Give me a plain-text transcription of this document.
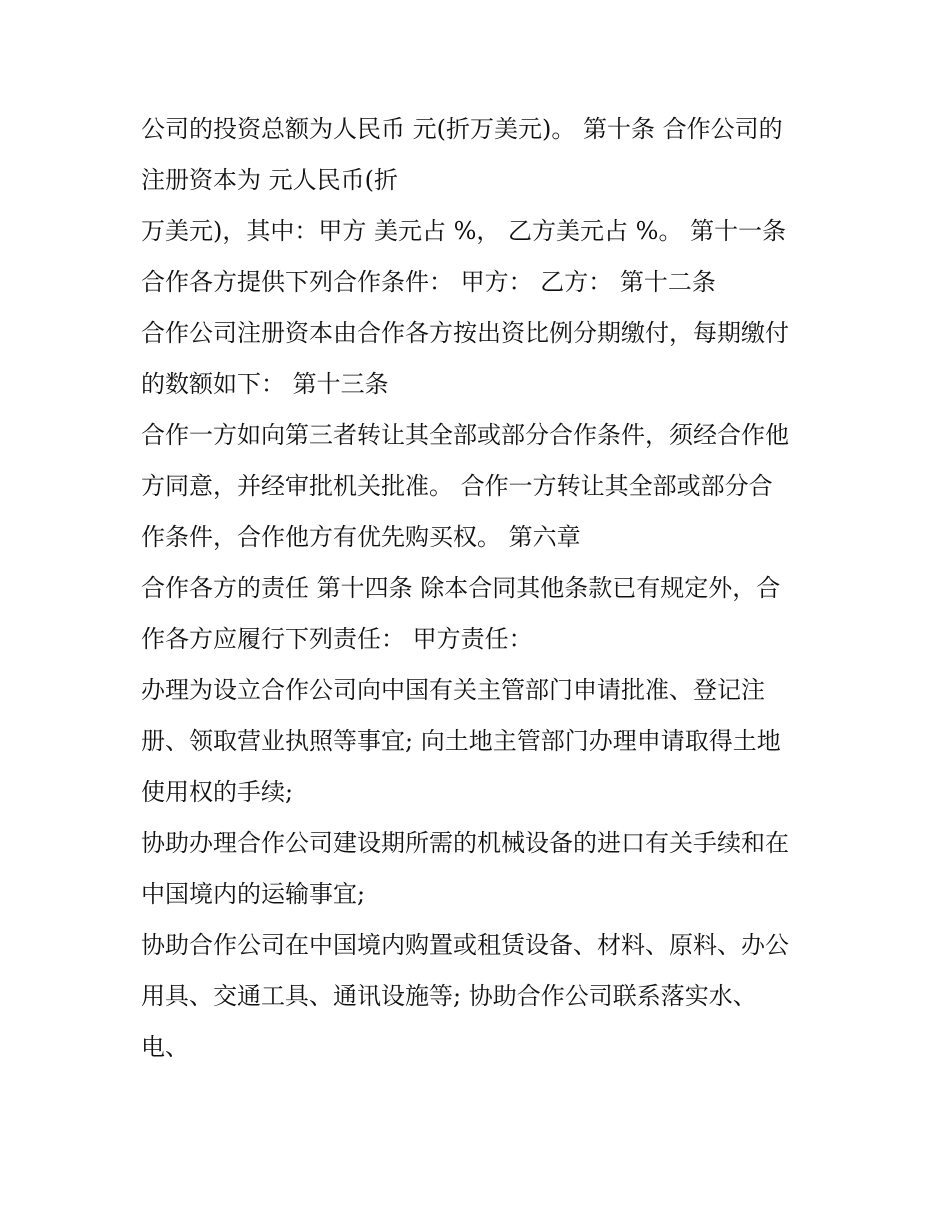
公司的投资总额为人民币 元(折万美元)。 第十条 合作公司的
注册资本为 元人民币(折
万美元)，其中：甲方 美元占 %， 乙方美元占 %。 第十一条
合作各方提供下列合作条件： 甲方： 乙方： 第十二条
合作公司注册资本由合作各方按出资比例分期缴付，每期缴付
的数额如下： 第十三条
合作一方如向第三者转让其全部或部分合作条件，须经合作他
方同意，并经审批机关批准。 合作一方转让其全部或部分合
作条件，合作他方有优先购买权。 第六章
合作各方的责任 第十四条 除本合同其他条款已有规定外，合
作各方应履行下列责任： 甲方责任：
办理为设立合作公司向中国有关主管部门申请批准、登记注
册、领取营业执照等事宜; 向土地主管部门办理申请取得土地
使用权的手续;
协助办理合作公司建设期所需的机械设备的进口有关手续和在
中国境内的运输事宜;
协助合作公司在中国境内购置或租赁设备、材料、原料、办公
用具、交通工具、通讯设施等; 协助合作公司联系落实水、
电、
